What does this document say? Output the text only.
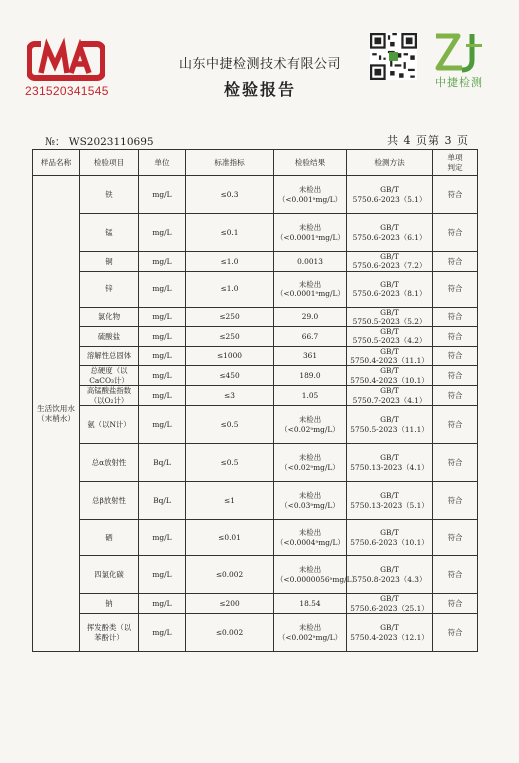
231520341545
山东中捷检测技术有限公司
检验报告	中捷检测
№： WS2023110695	共 4 页第 3 页
样品名称	检验项目	单位	标准指标	检验结果	检测方法	单项
判定
生活饮用水
（末梢水）	铁	mg/L	≤0.3	未检出
（<0.001ᵃmg/L）	GB/T
5750.6-2023（5.1）	符合
	锰	mg/L	≤0.1	未检出
（<0.0001ᵃmg/L）	GB/T
5750.6-2023（6.1）	符合
	铜	mg/L	≤1.0	0.0013	GB/T
5750.6-2023（7.2）	符合
	锌	mg/L	≤1.0	未检出
（<0.0001ᵃmg/L）	GB/T
5750.6-2023（8.1）	符合
	氯化物	mg/L	≤250	29.0	GB/T
5750.5-2023（5.2）	符合
	硫酸盐	mg/L	≤250	66.7	GB/T
5750.5-2023（4.2）	符合
	溶解性总固体	mg/L	≤1000	361	GB/T
5750.4-2023（11.1）	符合
	总硬度（以
CaCO₃计）	mg/L	≤450	189.0	GB/T
5750.4-2023（10.1）	符合
	高锰酸盐指数
（以O₂计）	mg/L	≤3	1.05	GB/T
5750.7-2023（4.1）	符合
	氨（以N计）	mg/L	≤0.5	未检出
（<0.02ᵃmg/L）	GB/T
5750.5-2023（11.1）	符合
	总α放射性	Bq/L	≤0.5	未检出
（<0.02ᵃmg/L）	GB/T
5750.13-2023（4.1）	符合
	总β放射性	Bq/L	≤1	未检出
（<0.03ᵃmg/L）	GB/T
5750.13-2023（5.1）	符合
	硒	mg/L	≤0.01	未检出
（<0.0004ᵃmg/L）	GB/T
5750.6-2023（10.1）	符合
	四氯化碳	mg/L	≤0.002	未检出
（<0.0000056ᵃmg/L）	GB/T
5750.8-2023（4.3）	符合
	钠	mg/L	≤200	18.54	GB/T
5750.6-2023（25.1）	符合
	挥发酚类（以
苯酚计）	mg/L	≤0.002	未检出
（<0.002ᵃmg/L）	GB/T
5750.4-2023（12.1）	符合
